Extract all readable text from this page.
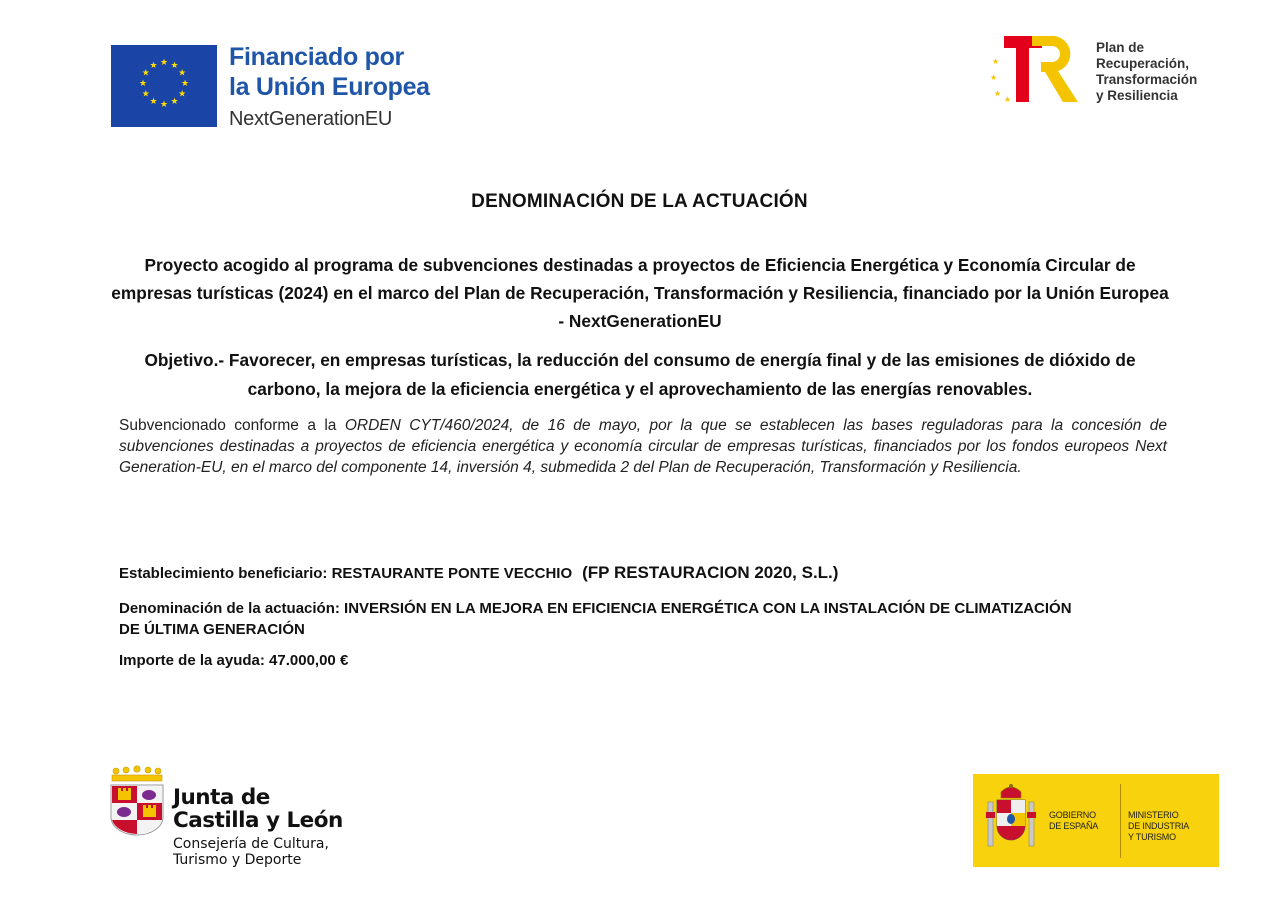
★ ★
★
★
★
★
★
★
★
★
★
★	Financiado por
la Unión Europea
NextGenerationEU
★
★
★
★
Plan de
Recuperación,
Transformación
y Resiliencia
DENOMINACIÓN DE LA ACTUACIÓN
Proyecto acogido al programa de subvenciones destinadas a proyectos de Eficiencia Energética y Economía Circular de empresas turísticas (2024) en el marco del Plan de Recuperación, Transformación y Resiliencia, financiado por la Unión Europea - NextGenerationEU
Objetivo.- Favorecer, en empresas turísticas, la reducción del consumo de energía final y de las emisiones de dióxido de carbono, la mejora de la eficiencia energética y el aprovechamiento de las energías renovables.
Subvencionado conforme a la ORDEN CYT/460/2024, de 16 de mayo, por la que se establecen las bases reguladoras para la concesión de subvenciones destinadas a proyectos de eficiencia energética y economía circular de empresas turísticas, financiados por los fondos europeos Next Generation-EU, en el marco del componente 14, inversión 4, submedida 2 del Plan de Recuperación, Transformación y Resiliencia.
Establecimiento beneficiario: RESTAURANTE PONTE VECCHIO (FP RESTAURACION 2020, S.L.)
Denominación de la actuación: INVERSIÓN EN LA MEJORA EN EFICIENCIA ENERGÉTICA CON LA INSTALACIÓN DE CLIMATIZACIÓN DE ÚLTIMA GENERACIÓN
Importe de la ayuda: 47.000,00 €
Junta de
Castilla y León
Consejería de Cultura,
Turismo y Deporte
GOBIERNO
DE ESPAÑA
MINISTERIO
DE INDUSTRIA
Y TURISMO
